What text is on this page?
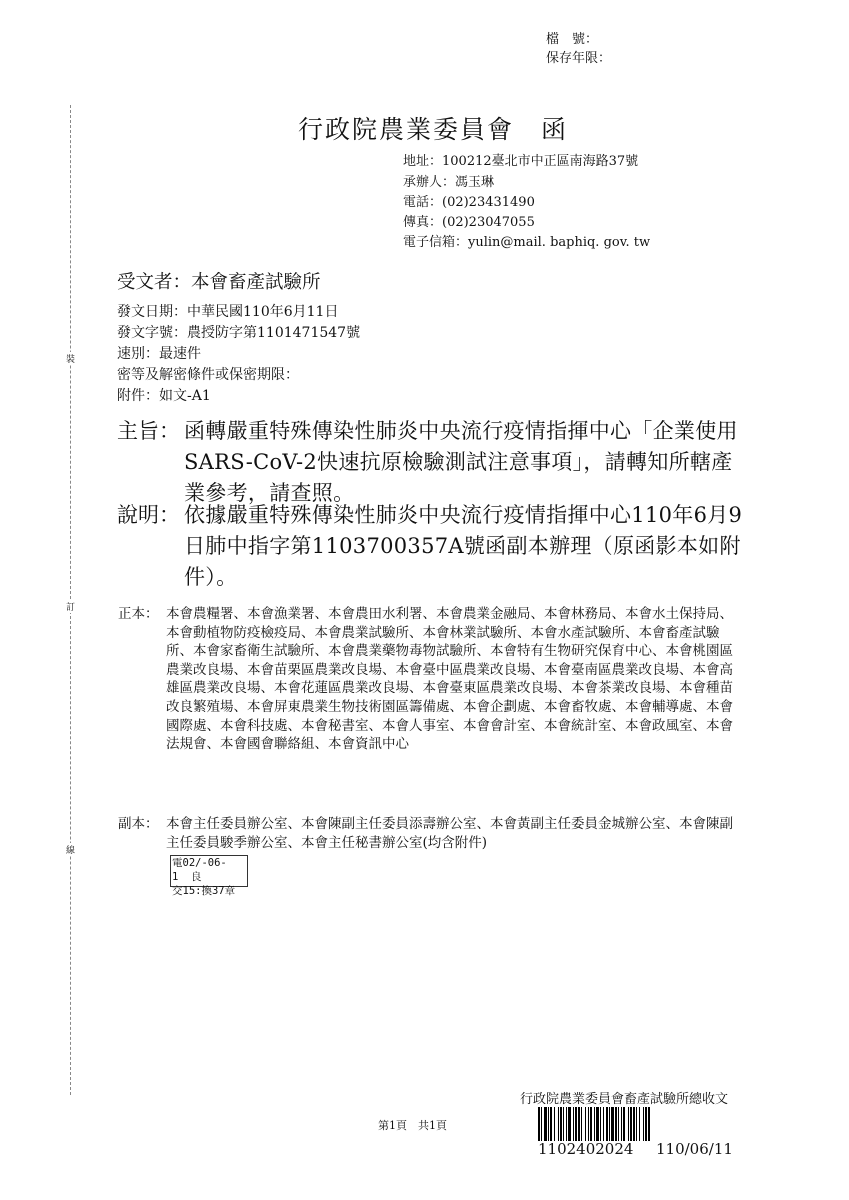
裝
訂
線
檔　號：
保存年限：
行政院農業委員會　函
地址：100212臺北市中正區南海路37號
承辦人：馮玉琳
電話：(02)23431490
傳真：(02)23047055
電子信箱：yulin@mail. baphiq. gov. tw
受文者：本會畜產試驗所
發文日期：中華民國110年6月11日
發文字號：農授防字第1101471547號
速別：最速件
密等及解密條件或保密期限：
附件：如文-A1
主旨： 函轉嚴重特殊傳染性肺炎中央流行疫情指揮中心「企業使用SARS-CoV-2快速抗原檢驗測試注意事項」，請轉知所轄產業參考，請查照。
說明： 依據嚴重特殊傳染性肺炎中央流行疫情指揮中心110年6月9日肺中指字第1103700357A號函副本辦理（原函影本如附件）。
正本： 本會農糧署、本會漁業署、本會農田水利署、本會農業金融局、本會林務局、本會水土保持局、本會動植物防疫檢疫局、本會農業試驗所、本會林業試驗所、本會水產試驗所、本會畜產試驗所、本會家畜衛生試驗所、本會農業藥物毒物試驗所、本會特有生物研究保育中心、本會桃園區農業改良場、本會苗栗區農業改良場、本會臺中區農業改良場、本會臺南區農業改良場、本會高雄區農業改良場、本會花蓮區農業改良場、本會臺東區農業改良場、本會茶業改良場、本會種苗改良繁殖場、本會屏東農業生物技術園區籌備處、本會企劃處、本會畜牧處、本會輔導處、本會國際處、本會科技處、本會秘書室、本會人事室、本會會計室、本會統計室、本會政風室、本會法規會、本會國會聯絡組、本會資訊中心
副本： 本會主任委員辦公室、本會陳副主任委員添壽辦公室、本會黃副主任委員金城辦公室、本會陳副主任委員駿季辦公室、本會主任秘書辦公室(均含附件)
電02/-06-1  良
交15:換37章
第1頁　共1頁
行政院農業委員會畜產試驗所總收文
1102402024 110/06/11
